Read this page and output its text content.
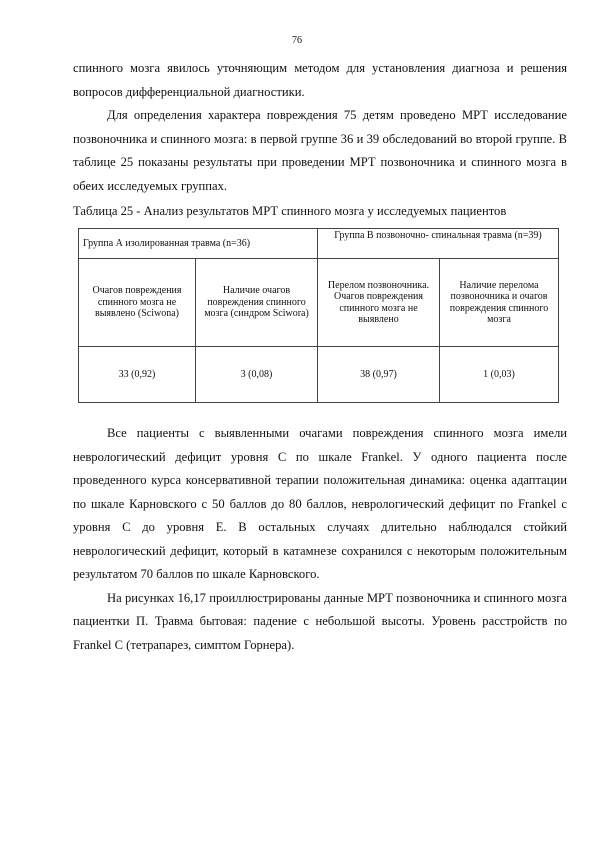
76

спинного мозга явилось уточняющим методом для установления диагноза и решения вопросов дифференциальной диагностики.

Для определения характера повреждения 75 детям проведено МРТ исследование позвоночника и спинного мозга: в первой группе 36 и 39 обследований во второй группе. В таблице 25 показаны результаты при проведении МРТ позвоночника и спинного мозга в обеих исследуемых группах.

Таблица 25 - Анализ результатов МРТ спинного мозга у исследуемых пациентов
Группа А изолированная травма (n=36)		Группа В позвоночно- спинальная травма (n=39)	
Очагов повреждения спинного мозга не выявлено (Sciwona)	Наличие очагов повреждения спинного мозга (синдром Sciwora)	Перелом позвоночника. Очагов повреждения спинного мозга не выявлено	Наличие перелома позвоночника и очагов повреждения спинного мозга
33 (0,92)	3 (0,08)	38 (0,97)	1 (0,03)

Все пациенты с выявленными очагами повреждения спинного мозга имели неврологический дефицит уровня С по шкале Frankel. У одного пациента после проведенного курса консервативной терапии положительная динамика: оценка адаптации по шкале Карновского с 50 баллов до 80 баллов, неврологический дефицит по Frankel с уровня С до уровня Е. В остальных случаях длительно наблюдался стойкий неврологический дефицит, который в катамнезе сохранился с некоторым положительным результатом 70 баллов по шкале Карновского.

На рисунках 16,17 проиллюстрированы данные МРТ позвоночника и спинного мозга пациентки П. Травма бытовая: падение с небольшой высоты. Уровень расстройств по Frankel С (тетрапарез, симптом Горнера).
